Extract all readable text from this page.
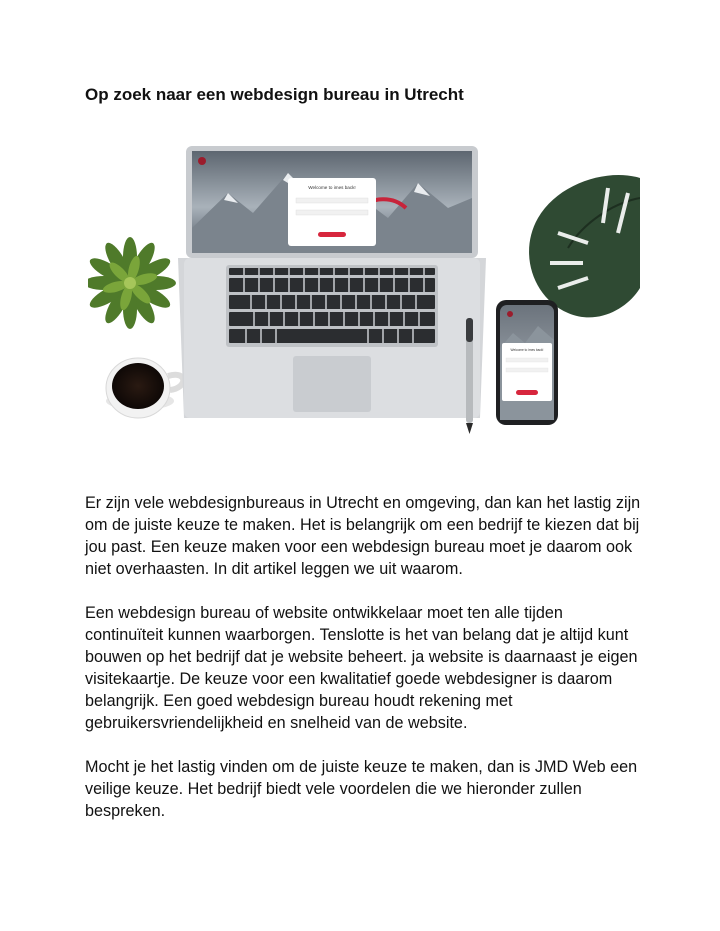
Op zoek naar een webdesign bureau in Utrecht
Welcome to imes back!
Welcome to imes back!

Er zijn vele webdesignbureaus in Utrecht en omgeving, dan kan het lastig zijn om de juiste keuze te maken. Het is belangrijk om een bedrijf te kiezen dat bij jou past. Een keuze maken voor een webdesign bureau moet je daarom ook niet overhaasten. In dit artikel leggen we uit waarom.

Een webdesign bureau of website ontwikkelaar moet ten alle tijden continuïteit kunnen waarborgen. Tenslotte is het van belang dat je altijd kunt bouwen op het bedrijf dat je website beheert. ja website is daarnaast je eigen visitekaartje. De keuze voor een kwalitatief goede webdesigner is daarom belangrijk. Een goed webdesign bureau houdt rekening met gebruikersvriendelijkheid en snelheid van de website.

Mocht je het lastig vinden om de juiste keuze te maken, dan is JMD Web een veilige keuze. Het bedrijf biedt vele voordelen die we hieronder zullen bespreken.
